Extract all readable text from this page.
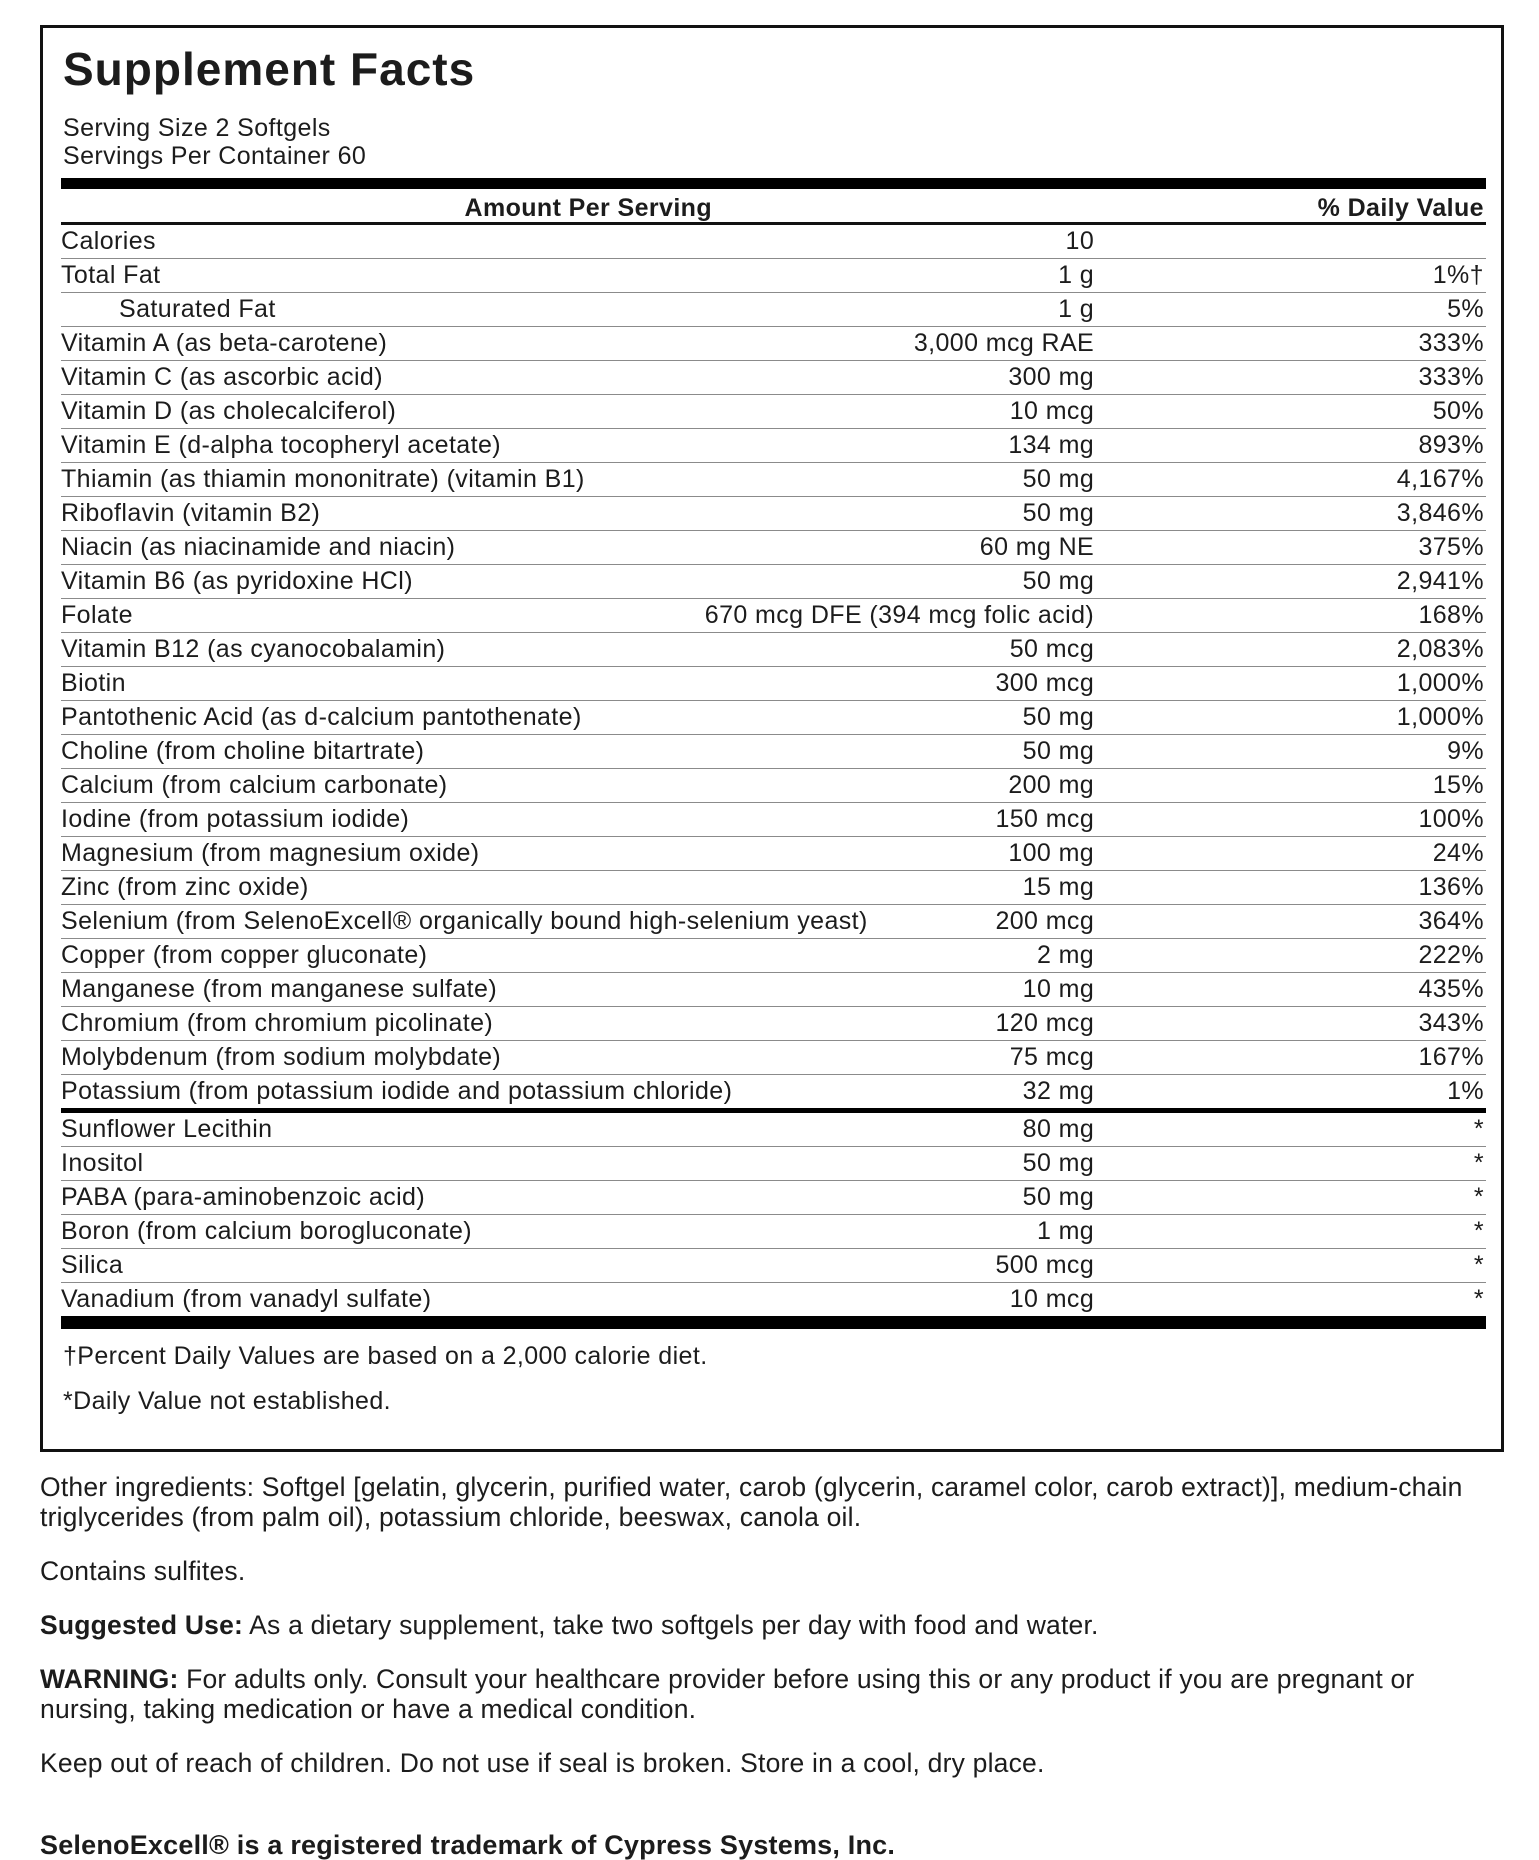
Supplement Facts
Serving Size 2 Softgels
Servings Per Container 60
Amount Per Serving	% Daily Value
Calories	10
Total Fat	1 g	1%†
Saturated Fat	1 g	5%
Vitamin A (as beta-carotene)	3,000 mcg RAE	333%
Vitamin C (as ascorbic acid)	300 mg	333%
Vitamin D (as cholecalciferol)	10 mcg	50%
Vitamin E (d-alpha tocopheryl acetate)	134 mg	893%
Thiamin (as thiamin mononitrate) (vitamin B1)	50 mg	4,167%
Riboflavin (vitamin B2)	50 mg	3,846%
Niacin (as niacinamide and niacin)	60 mg NE	375%
Vitamin B6 (as pyridoxine HCl)	50 mg	2,941%
Folate	670 mcg DFE (394 mcg folic acid)	168%
Vitamin B12 (as cyanocobalamin)	50 mcg	2,083%
Biotin	300 mcg	1,000%
Pantothenic Acid (as d-calcium pantothenate)	50 mg	1,000%
Choline (from choline bitartrate)	50 mg	9%
Calcium (from calcium carbonate)	200 mg	15%
Iodine (from potassium iodide)	150 mcg	100%
Magnesium (from magnesium oxide)	100 mg	24%
Zinc (from zinc oxide)	15 mg	136%
Selenium (from SelenoExcell® organically bound high-selenium yeast)	200 mcg	364%
Copper (from copper gluconate)	2 mg	222%
Manganese (from manganese sulfate)	10 mg	435%
Chromium (from chromium picolinate)	120 mcg	343%
Molybdenum (from sodium molybdate)	75 mcg	167%
Potassium (from potassium iodide and potassium chloride)	32 mg	1%
Sunflower Lecithin	80 mg	*
Inositol	50 mg	*
PABA (para-aminobenzoic acid)	50 mg	*
Boron (from calcium borogluconate)	1 mg	*
Silica	500 mcg	*
Vanadium (from vanadyl sulfate)	10 mcg	*
†Percent Daily Values are based on a 2,000 calorie diet.
*Daily Value not established.

Other ingredients: Softgel [gelatin, glycerin, purified water, carob (glycerin, caramel color, carob extract)], medium-chain triglycerides (from palm oil), potassium chloride, beeswax, canola oil.

Contains sulfites.

Suggested Use: As a dietary supplement, take two softgels per day with food and water.

WARNING: For adults only. Consult your healthcare provider before using this or any product if you are pregnant or nursing, taking medication or have a medical condition.

Keep out of reach of children. Do not use if seal is broken. Store in a cool, dry place.

SelenoExcell® is a registered trademark of Cypress Systems, Inc.
